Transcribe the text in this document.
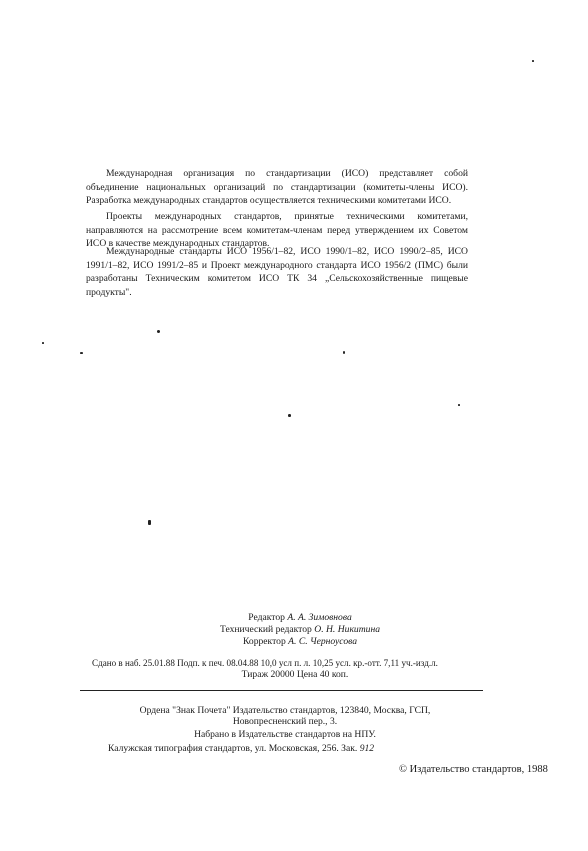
Международная организация по стандартизации (ИСО) представляет собой объединение национальных организаций по стандартизации (комитеты-члены ИСО). Разработка международных стандартов осуществляется техническими комитетами ИСО.
Проекты международных стандартов, принятые техническими комитетами, направляются на рассмотрение всем комитетам-членам перед утверждением их Советом ИСО в качестве международных стандартов.
Международные стандарты ИСО 1956/1–82, ИСО 1990/1–82, ИСО 1990/2–85, ИСО 1991/1–82, ИСО 1991/2–85 и Проект международного стандарта ИСО 1956/2 (ПМС) были разработаны Техническим комитетом ИСО ТК 34 „Сельскохозяйственные пищевые продукты".
Редактор А. А. Зимовнова
Технический редактор О. Н. Никитина
Корректор А. С. Черноусова
Сдано в наб. 25.01.88 Подп. к печ. 08.04.88 10,0 усл п. л. 10,25 усл. кр.-отт. 7,11 уч.-изд.л.
Тираж 20000 Цена 40 коп.
Ордена "Знак Почета" Издательство стандартов, 123840, Москва, ГСП,
Новопресненский пер., 3.
Набрано в Издательстве стандартов на НПУ.
Калужская типография стандартов, ул. Московская, 256. Зак. 912
© Издательство стандартов, 1988
